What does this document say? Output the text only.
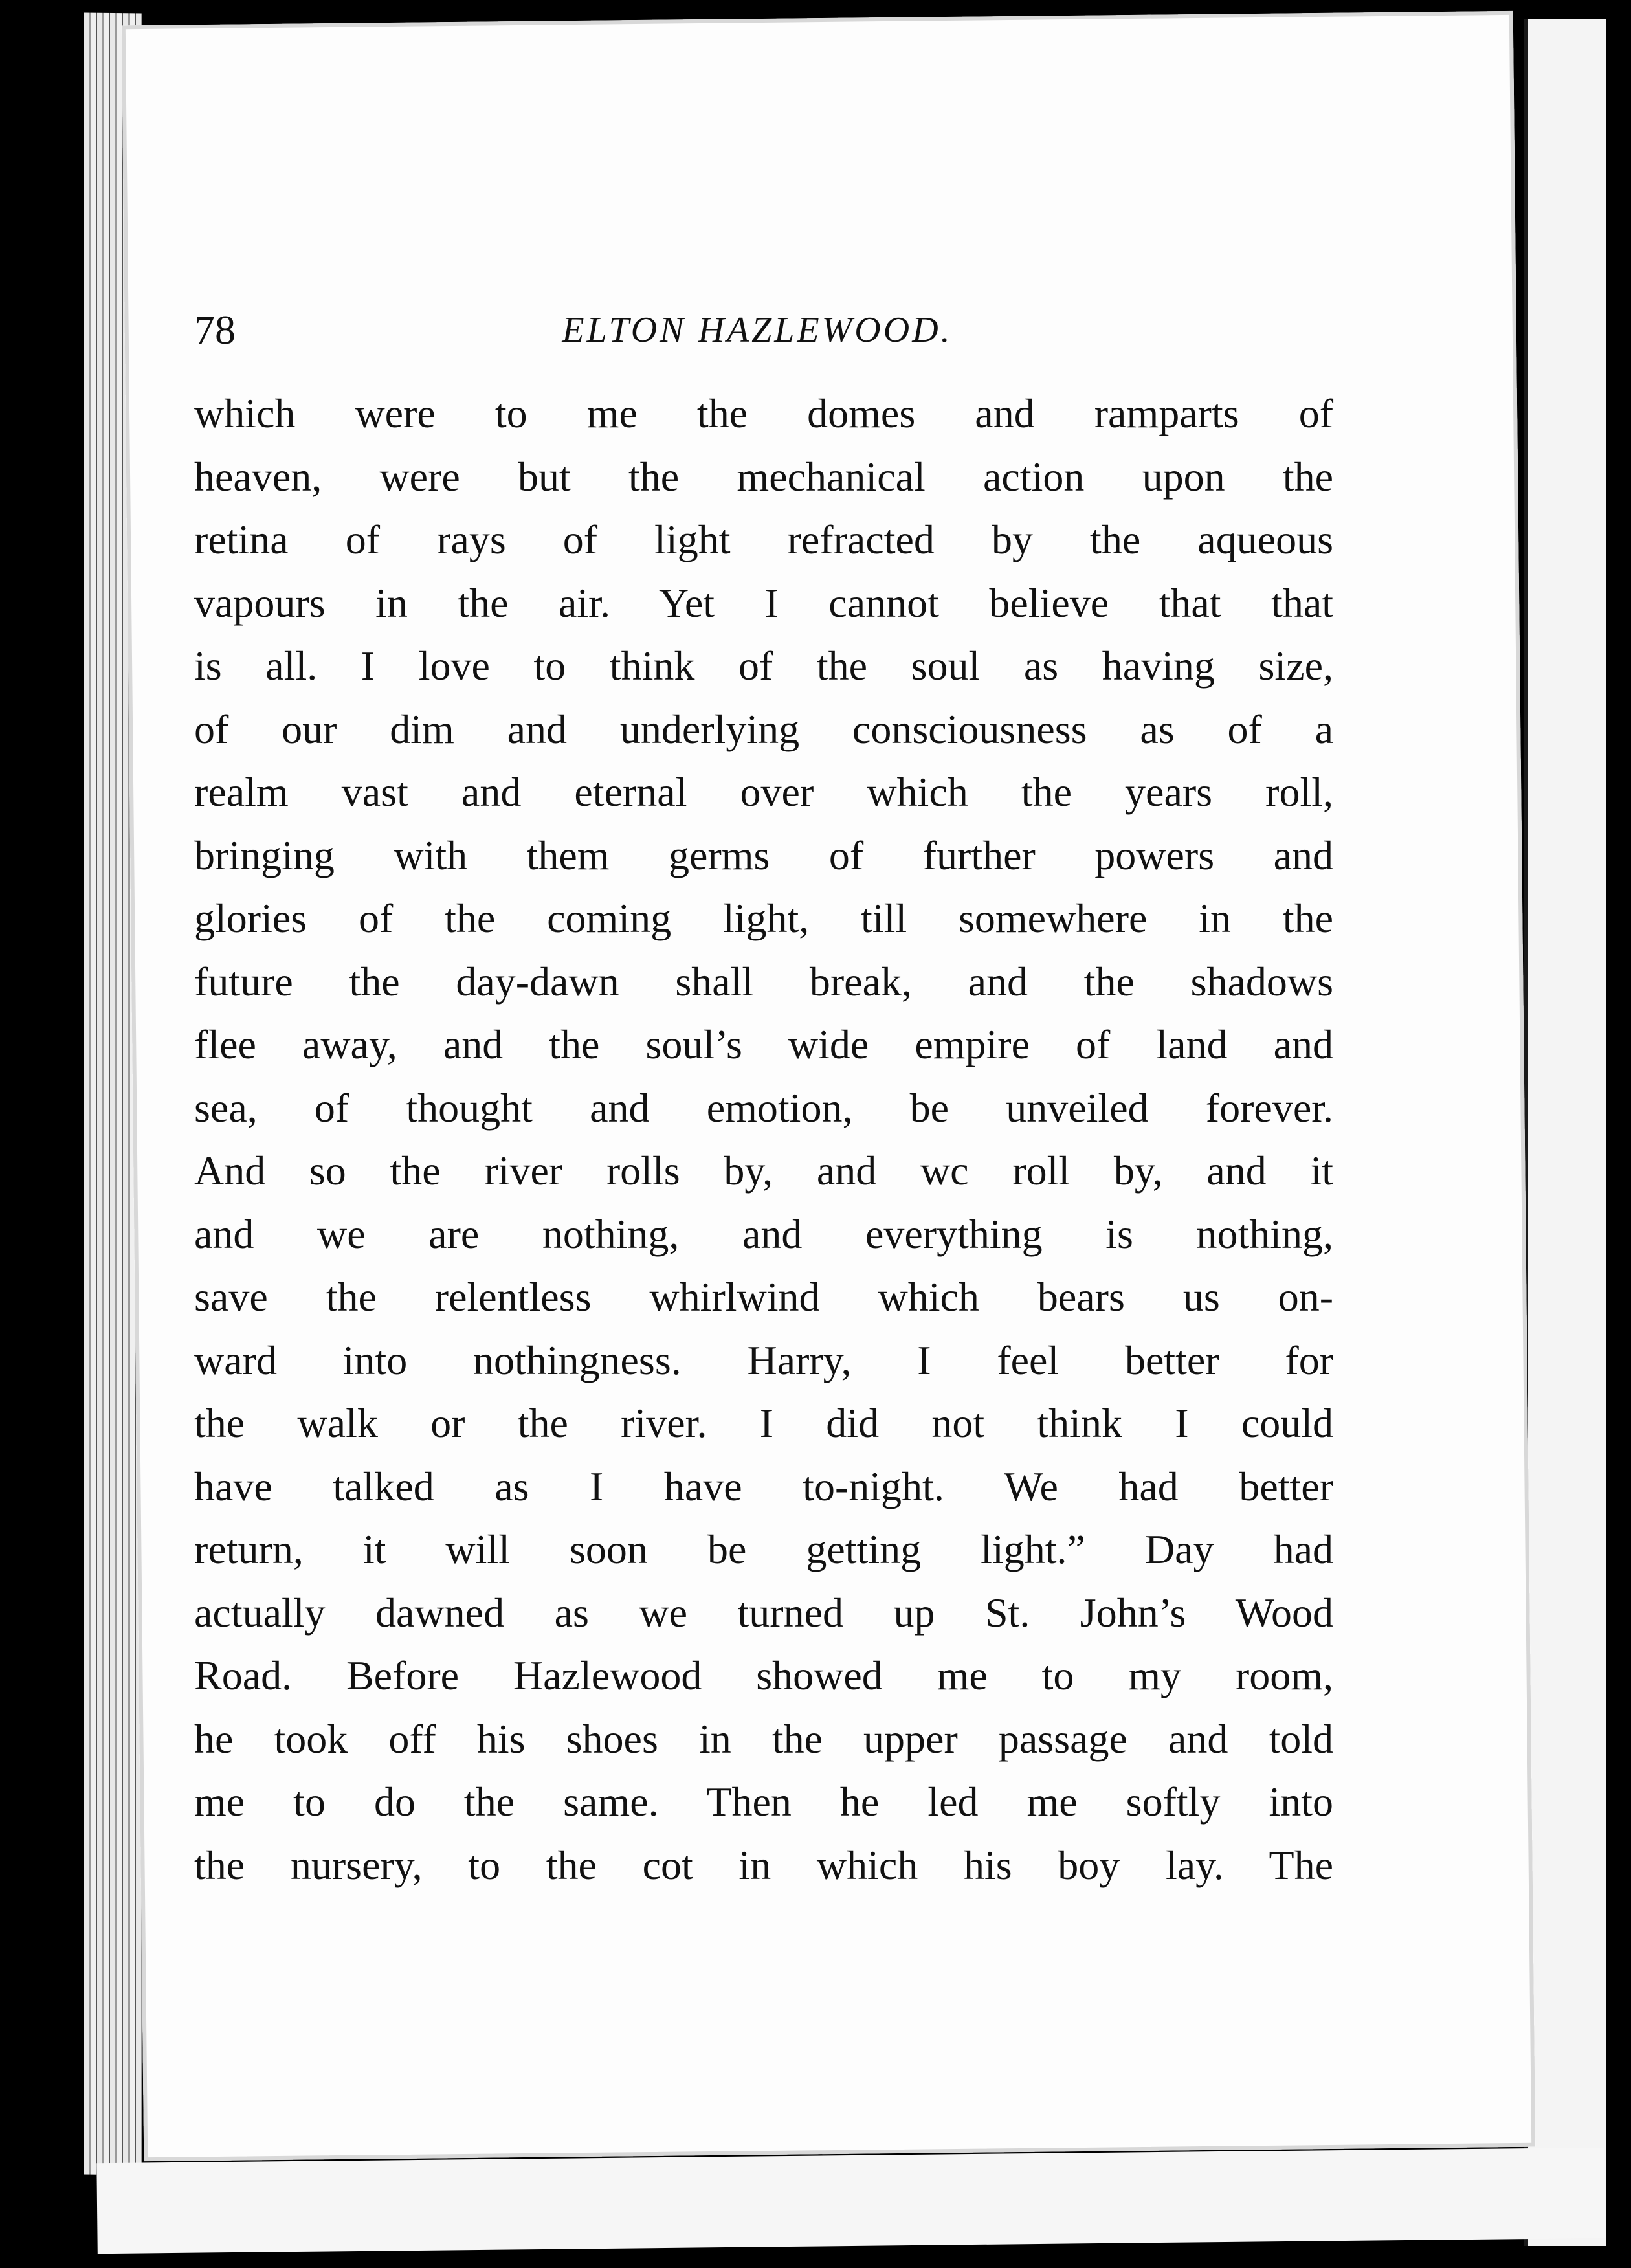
78	ELTON HAZLEWOOD.
which were to me the domes and ramparts of
heaven, were but the mechanical action upon the
retina of rays of light refracted by the aqueous
vapours in the air. Yet I cannot believe that that
is all. I love to think of the soul as having size,
of our dim and underlying consciousness as of a
realm vast and eternal over which the years roll,
bringing with them germs of further powers and
glories of the coming light, till somewhere in the
future the day-dawn shall break, and the shadows
flee away, and the soul’s wide empire of land and
sea, of thought and emotion, be unveiled forever.
And so the river rolls by, and wc roll by, and it
and we are nothing, and everything is nothing,
save the relentless whirlwind which bears us on-
ward into nothingness. Harry, I feel better for
the walk or the river. I did not think I could
have talked as I have to-night. We had better
return, it will soon be getting light.” Day had
actually dawned as we turned up St. John’s Wood
Road. Before Hazlewood showed me to my room,
he took off his shoes in the upper passage and told
me to do the same. Then he led me softly into
the nursery, to the cot in which his boy lay. The
